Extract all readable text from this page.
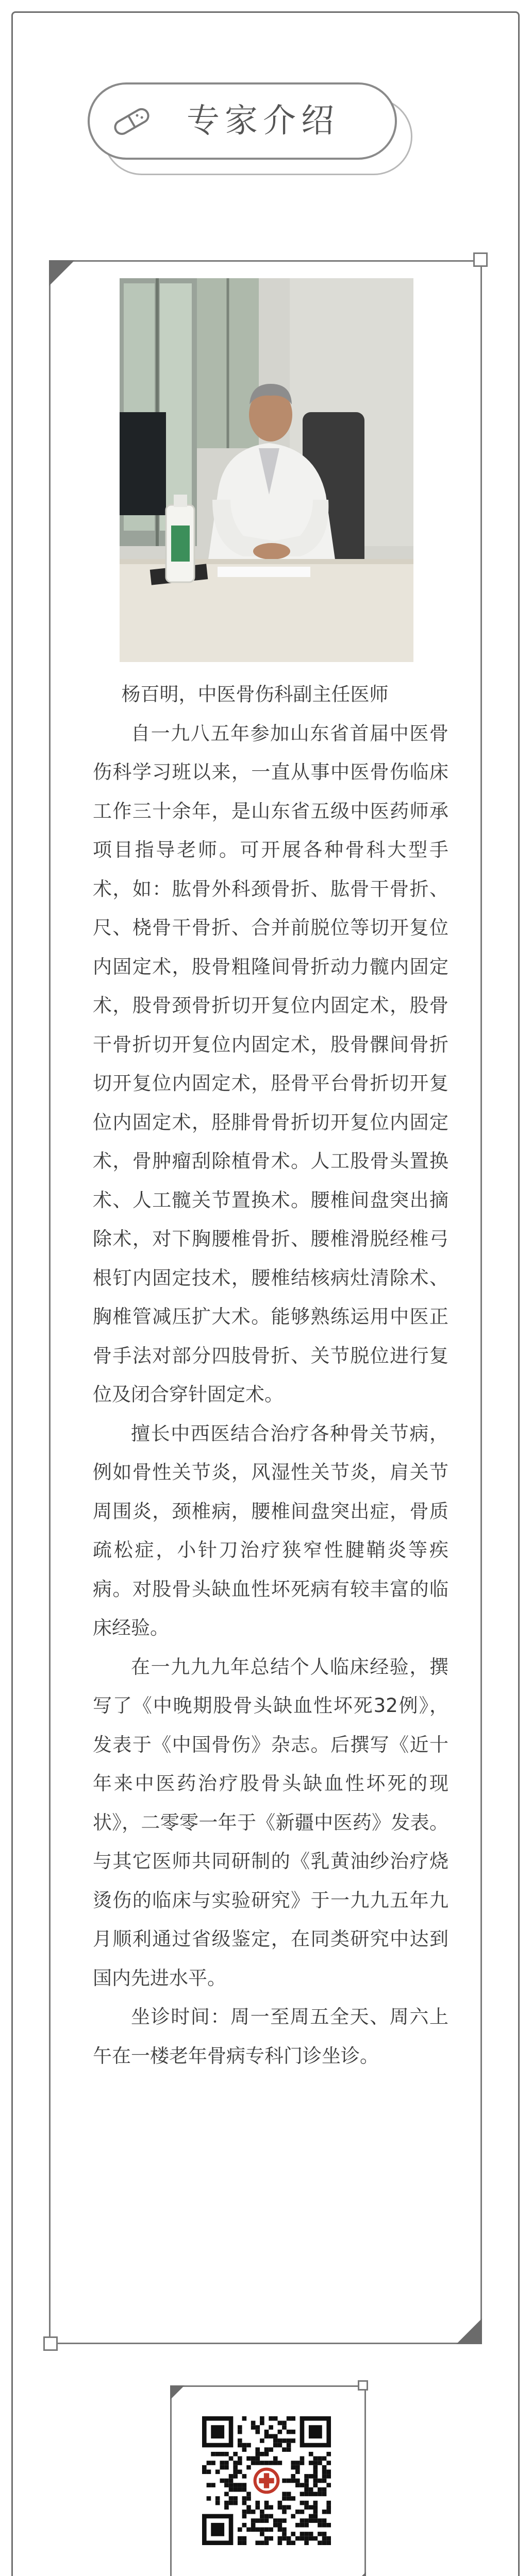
专家介绍

杨百明，中医骨伤科副主任医师

自一九八五年参加山东省首届中医骨伤科学习班以来，一直从事中医骨伤临床工作三十余年，是山东省五级中医药师承项目指导老师。可开展各种骨科大型手术，如：肱骨外科颈骨折、肱骨干骨折、尺、桡骨干骨折、合并前脱位等切开复位内固定术，股骨粗隆间骨折动力髋内固定术，股骨颈骨折切开复位内固定术，股骨干骨折切开复位内固定术，股骨髁间骨折切开复位内固定术，胫骨平台骨折切开复位内固定术，胫腓骨骨折切开复位内固定术，骨肿瘤刮除植骨术。人工股骨头置换术、人工髋关节置换术。腰椎间盘突出摘除术，对下胸腰椎骨折、腰椎滑脱经椎弓根钉内固定技术，腰椎结核病灶清除术、胸椎管减压扩大术。能够熟练运用中医正骨手法对部分四肢骨折、关节脱位进行复位及闭合穿针固定术。

擅长中西医结合治疗各种骨关节病，例如骨性关节炎，风湿性关节炎，肩关节周围炎，颈椎病，腰椎间盘突出症，骨质疏松症，小针刀治疗狭窄性腱鞘炎等疾病。对股骨头缺血性坏死病有较丰富的临床经验。

在一九九九年总结个人临床经验，撰写了《中晚期股骨头缺血性坏死32例》，发表于《中国骨伤》杂志。后撰写《近十年来中医药治疗股骨头缺血性坏死的现状》，二零零一年于《新疆中医药》发表。与其它医师共同研制的《乳黄油纱治疗烧烫伤的临床与实验研究》于一九九五年九月顺利通过省级鉴定，在同类研究中达到国内先进水平。

坐诊时间：周一至周五全天、周六上午在一楼老年骨病专科门诊坐诊。
